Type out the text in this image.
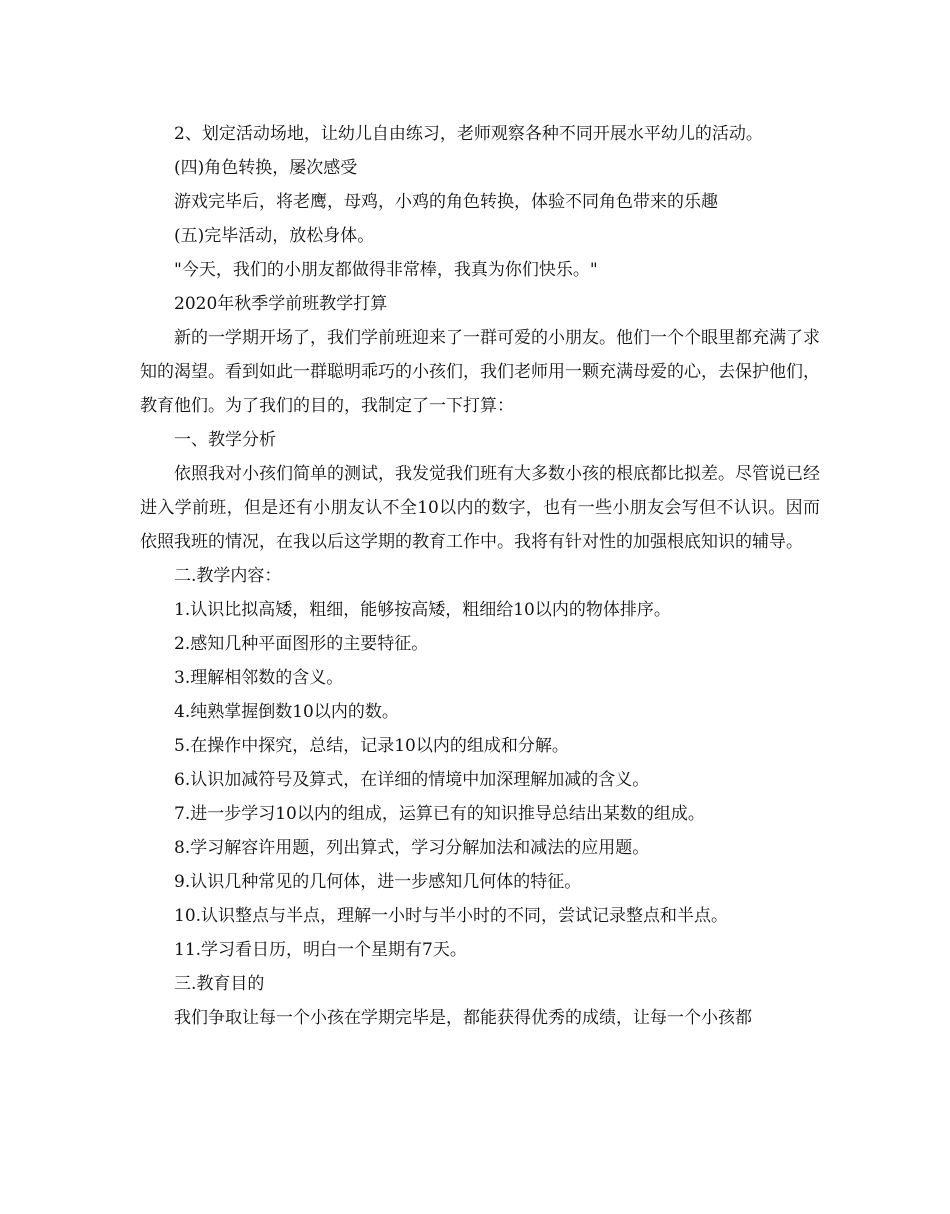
2、划定活动场地，让幼儿自由练习，老师观察各种不同开展水平幼儿的活动。
(四)角色转换，屡次感受
游戏完毕后，将老鹰，母鸡，小鸡的角色转换，体验不同角色带来的乐趣
(五)完毕活动，放松身体。
"今天，我们的小朋友都做得非常棒，我真为你们快乐。"
2020年秋季学前班教学打算
新的一学期开场了，我们学前班迎来了一群可爱的小朋友。他们一个个眼里都充满了求知的渴望。看到如此一群聪明乖巧的小孩们，我们老师用一颗充满母爱的心，去保护他们，教育他们。为了我们的目的，我制定了一下打算：
一、教学分析
依照我对小孩们简单的测试，我发觉我们班有大多数小孩的根底都比拟差。尽管说已经进入学前班，但是还有小朋友认不全10以内的数字，也有一些小朋友会写但不认识。因而依照我班的情况，在我以后这学期的教育工作中。我将有针对性的加强根底知识的辅导。
二.教学内容：
1.认识比拟高矮，粗细，能够按高矮，粗细给10以内的物体排序。
2.感知几种平面图形的主要特征。
3.理解相邻数的含义。
4.纯熟掌握倒数10以内的数。
5.在操作中探究，总结，记录10以内的组成和分解。
6.认识加减符号及算式，在详细的情境中加深理解加减的含义。
7.进一步学习10以内的组成，运算已有的知识推导总结出某数的组成。
8.学习解容许用题，列出算式，学习分解加法和减法的应用题。
9.认识几种常见的几何体，进一步感知几何体的特征。
10.认识整点与半点，理解一小时与半小时的不同，尝试记录整点和半点。
11.学习看日历，明白一个星期有7天。
三.教育目的
我们争取让每一个小孩在学期完毕是，都能获得优秀的成绩，让每一个小孩都
